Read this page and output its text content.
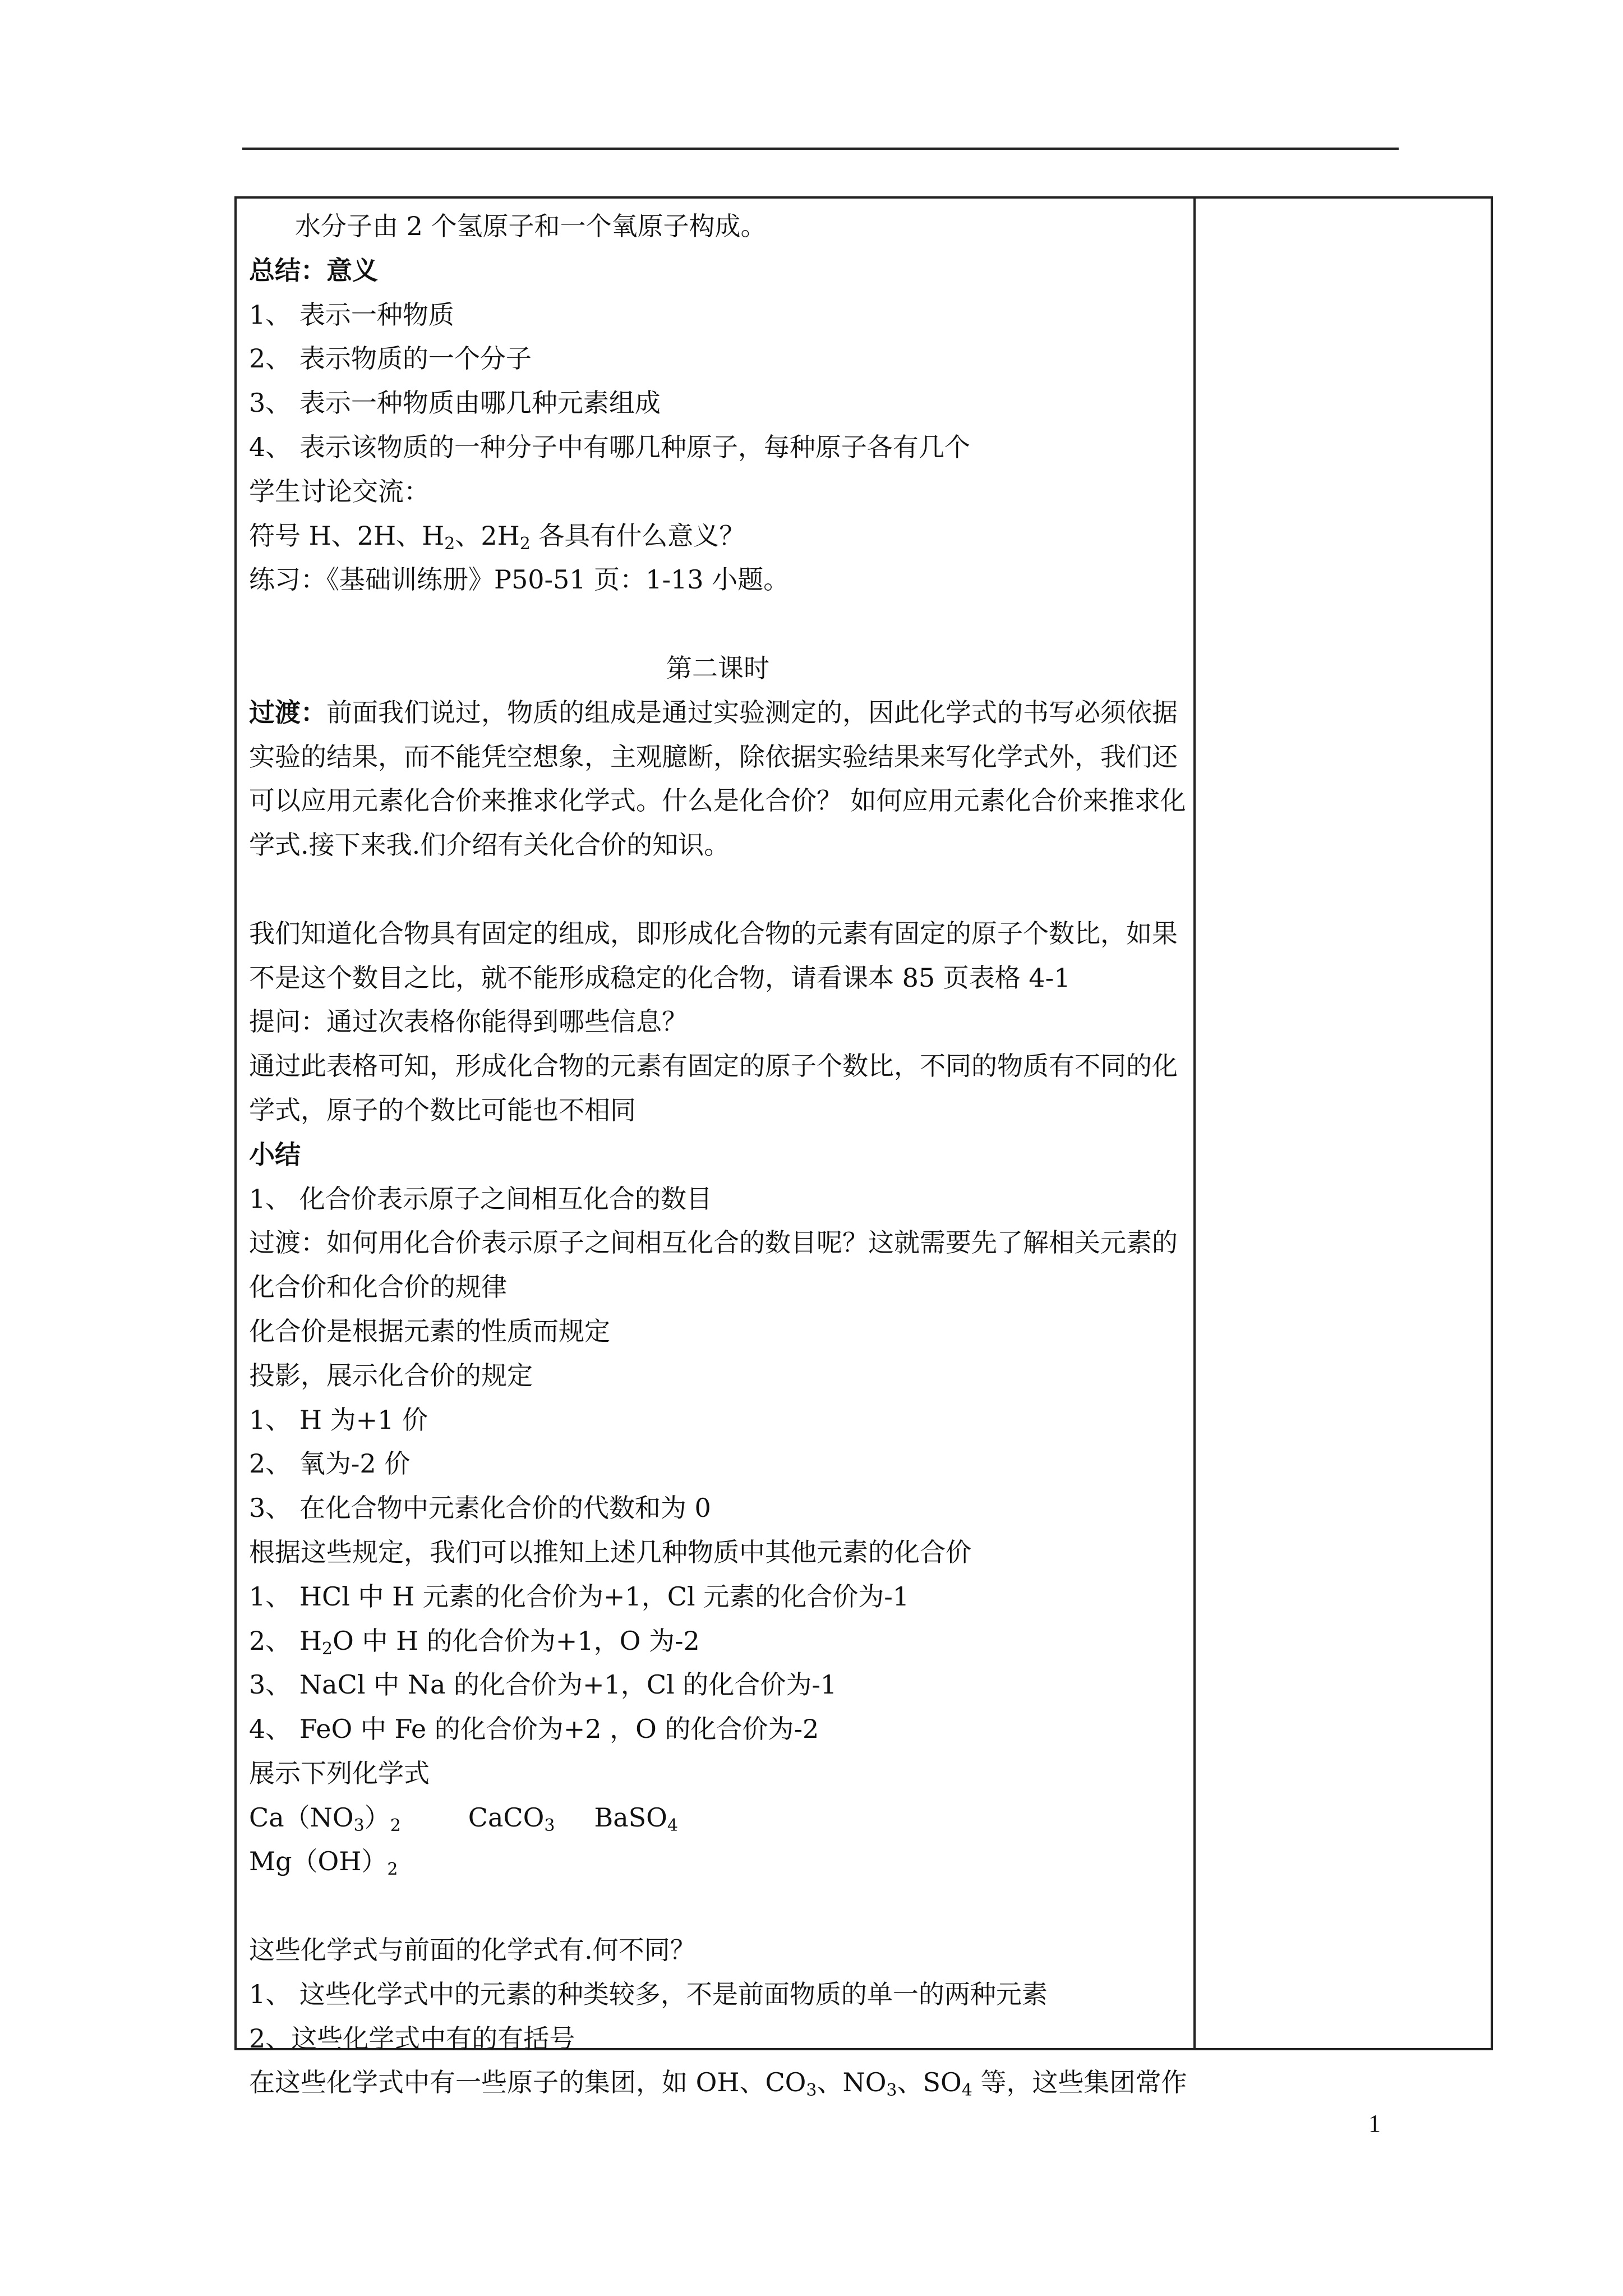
水分子由 2 个氢原子和一个氧原子构成。

总结：意义

1、 表示一种物质

2、 表示物质的一个分子

3、 表示一种物质由哪几种元素组成

4、 表示该物质的一种分子中有哪几种原子，每种原子各有几个

学生讨论交流：

符号 H、2H、$H_2$、$2H_2$ 各具有什么意义？

练习：《基础训练册》P50-51 页：1-13 小题。

第二课时

过渡：前面我们说过，物质的组成是通过实验测定的，因此化学式的书写必须依据实验的结果，而不能凭空想象，主观臆断，除依据实验结果来写化学式外，我们还可以应用元素化合价来推求化学式。什么是化合价？ 如何应用元素化合价来推求化学式.接下来我.们介绍有关化合价的知识。

我们知道化合物具有固定的组成，即形成化合物的元素有固定的原子个数比，如果不是这个数目之比，就不能形成稳定的化合物，请看课本 85 页表格 4-1

提问：通过次表格你能得到哪些信息？

通过此表格可知，形成化合物的元素有固定的原子个数比，不同的物质有不同的化学式，原子的个数比可能也不相同

小结

1、 化合价表示原子之间相互化合的数目

过渡：如何用化合价表示原子之间相互化合的数目呢？这就需要先了解相关元素的化合价和化合价的规律

化合价是根据元素的性质而规定

投影，展示化合价的规定

1、 H 为+1 价

2、 氧为-2 价

3、 在化合物中元素化合价的代数和为 0

根据这些规定，我们可以推知上述几种物质中其他元素的化合价

1、 HCl 中 H 元素的化合价为+1，Cl 元素的化合价为-1

2、 $H_2O$ 中 H 的化合价为+1，O 为-2

3、 NaCl 中 Na 的化合价为+1，Cl 的化合价为-1

4、 FeO 中 Fe 的化合价为+2 ，O 的化合价为-2

展示下列化学式

$Ca(NO_3)_2$	CaCO$_3$ BaSO$_4$

$Mg(OH)_2$

这些化学式与前面的化学式有.何不同？

1、 这些化学式中的元素的种类较多，不是前面物质的单一的两种元素

2、这些化学式中有的有括号

在这些化学式中有一些原子的集团，如 OH、$CO_3$、$NO_3$、$SO_4$ 等，这些集团常作

1
